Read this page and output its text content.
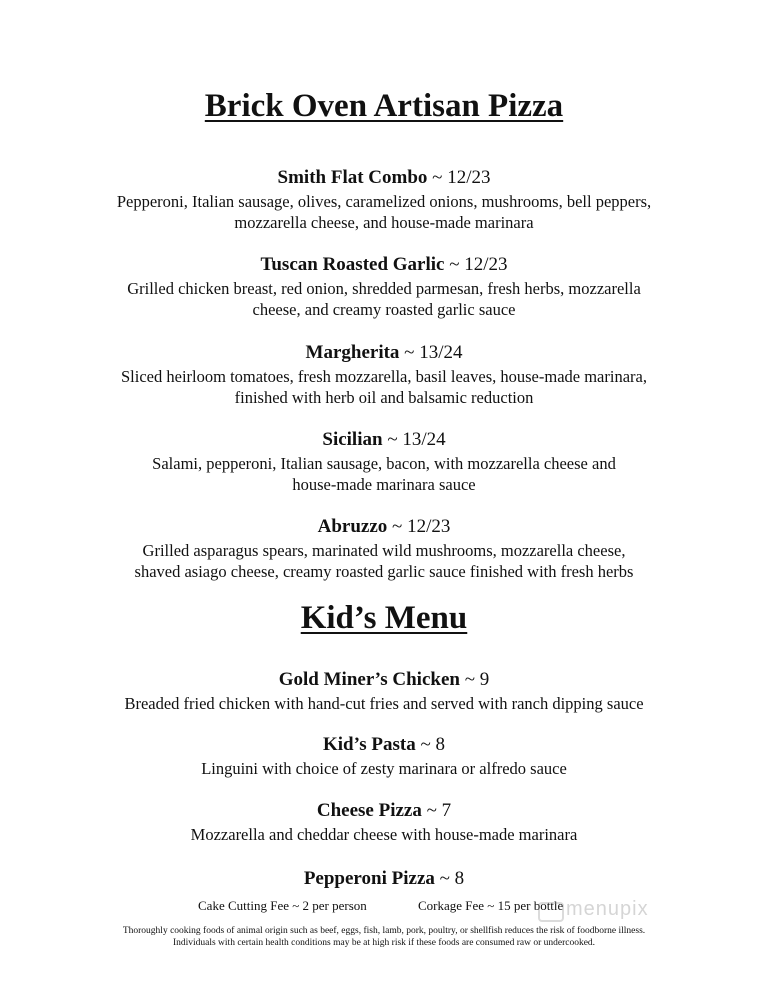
Brick Oven Artisan Pizza
Smith Flat Combo ~ 12/23
Pepperoni, Italian sausage, olives, caramelized onions, mushrooms, bell peppers,
mozzarella cheese, and house-made marinara
Tuscan Roasted Garlic ~ 12/23
Grilled chicken breast, red onion, shredded parmesan, fresh herbs, mozzarella
cheese, and creamy roasted garlic sauce
Margherita ~ 13/24
Sliced heirloom tomatoes, fresh mozzarella, basil leaves, house-made marinara,
finished with herb oil and balsamic reduction
Sicilian ~ 13/24
Salami, pepperoni, Italian sausage, bacon, with mozzarella cheese and
house-made marinara sauce
Abruzzo ~ 12/23
Grilled asparagus spears, marinated wild mushrooms, mozzarella cheese,
shaved asiago cheese, creamy roasted garlic sauce finished with fresh herbs
Kid’s Menu
Gold Miner’s Chicken ~ 9
Breaded fried chicken with hand-cut fries and served with ranch dipping sauce
Kid’s Pasta ~ 8
Linguini with choice of zesty marinara or alfredo sauce
Cheese Pizza ~ 7
Mozzarella and cheddar cheese with house-made marinara
Pepperoni Pizza ~ 8
Cake Cutting Fee ~ 2 per person	Corkage Fee ~ 15 per bottle menupix
Thoroughly cooking foods of animal origin such as beef, eggs, fish, lamb, pork, poultry, or shellfish reduces the risk of foodborne illness.
Individuals with certain health conditions may be at high risk if these foods are consumed raw or undercooked.
